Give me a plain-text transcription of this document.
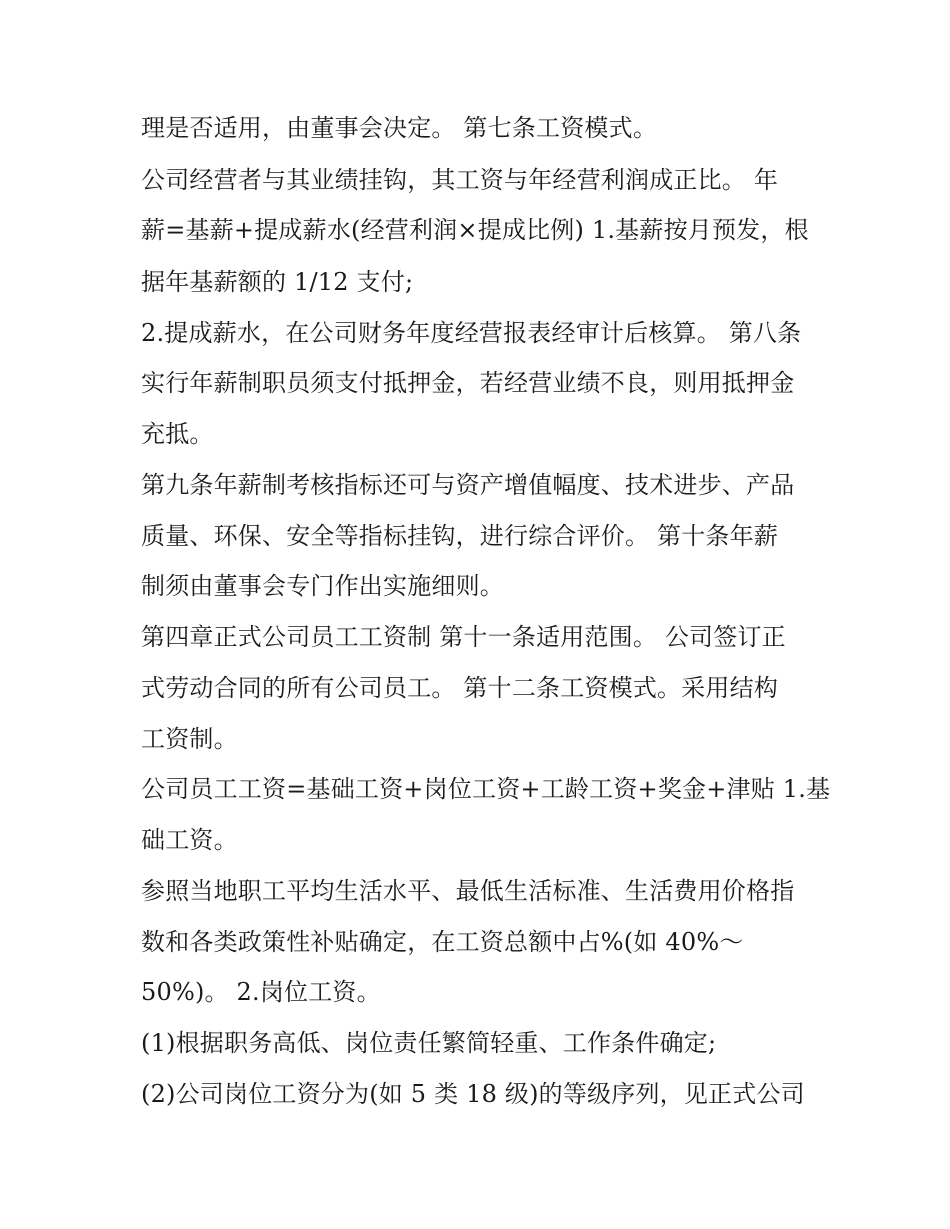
理是否适用，由董事会决定。 第七条工资模式。
公司经营者与其业绩挂钩，其工资与年经营利润成正比。 年
薪=基薪+提成薪水(经营利润×提成比例) 1.基薪按月预发，根
据年基薪额的 1/12 支付;
2.提成薪水，在公司财务年度经营报表经审计后核算。 第八条
实行年薪制职员须支付抵押金，若经营业绩不良，则用抵押金
充抵。
第九条年薪制考核指标还可与资产增值幅度、技术进步、产品
质量、环保、安全等指标挂钩，进行综合评价。 第十条年薪
制须由董事会专门作出实施细则。
第四章正式公司员工工资制 第十一条适用范围。 公司签订正
式劳动合同的所有公司员工。 第十二条工资模式。采用结构
工资制。
公司员工工资=基础工资+岗位工资+工龄工资+奖金+津贴 1.基
础工资。
参照当地职工平均生活水平、最低生活标准、生活费用价格指
数和各类政策性补贴确定，在工资总额中占%(如 40%～
50%)。 2.岗位工资。
(1)根据职务高低、岗位责任繁简轻重、工作条件确定;
(2)公司岗位工资分为(如 5 类 18 级)的等级序列，见正式公司
